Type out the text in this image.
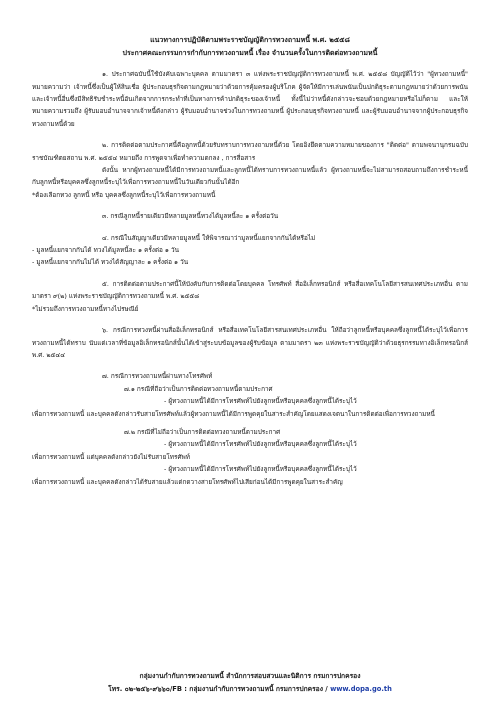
แนวทางการปฏิบัติตามพระราชบัญญัติการทวงถามหนี้ พ.ศ. ๒๕๕๘
ประกาศคณะกรรมการกำกับการทวงถามหนี้ เรื่อง จำนวนครั้งในการติดต่อทวงถามหนี้

๑. ประกาศฉบับนี้ใช้บังคับเฉพาะบุคคล ตามมาตรา ๓ แห่งพระราชบัญญัติการทวงถามหนี้ พ.ศ. ๒๕๕๘ บัญญัติไว้ว่า "ผู้ทวงถามหนี้" หมายความว่า เจ้าหนี้ซึ่งเป็นผู้ให้สินเชื่อ ผู้ประกอบธุรกิจตามกฎหมายว่าด้วยการคุ้มครองผู้บริโภค ผู้จัดให้มีการเล่นพนันเป็นปกติธุระตามกฎหมายว่าด้วยการพนัน และเจ้าหนี้อื่นซึ่งมีสิทธิรับชำระหนี้อันเกิดจากการกระทำที่เป็นทางการค้าปกติธุระของเจ้าหนี้ ทั้งนี้ไม่ว่าหนี้ดังกล่าวจะชอบด้วยกฎหมายหรือไม่ก็ตาม และให้หมายความรวมถึง ผู้รับมอบอำนาจจากเจ้าหนี้ดังกล่าว ผู้รับมอบอำนาจช่วงในการทวงถามหนี้ ผู้ประกอบธุรกิจทวงถามหนี้ และผู้รับมอบอำนาจจากผู้ประกอบธุรกิจทวงถามหนี้ด้วย

๒. การติดต่อตามประกาศนี้คือลูกหนี้ด้วยรับทราบการทวงถามหนี้ด้วย โดยอิงยึดตามความหมายของการ "ติดต่อ" ตามพจนานุกรมฉบับราชบัณฑิตยสถาน พ.ศ. ๒๕๕๔ หมายถึง การพูดจาเพื่อทำความตกลง , การสื่อสาร

ดังนั้น หากผู้ทวงถามหนี้ได้มีการทวงถามหนี้และลูกหนี้ได้ทราบการทวงถามหนี้แล้ว ผู้ทวงถามหนี้จะไม่สามารถสอบถามถึงการชำระหนี้กับลูกหนี้หรือบุคคลซึ่งลูกหนี้ระบุไว้เพื่อการทวงถามหนี้ในวันเดียวกันนั้นได้อีก

*ต้องเลือกทวง ลูกหนี้ หรือ บุคคลซึ่งลูกหนี้ระบุไว้เพื่อการทวงถามหนี้

๓. กรณีลูกหนี้รายเดียวมีหลายมูลหนี้ทวงได้มูลหนี้ละ ๑ ครั้งต่อวัน

๔. กรณีในสัญญาเดียวมีหลายมูลหนี้ ให้พิจารณาว่ามูลหนี้แยกจากกันได้หรือไม่

- มูลหนี้แยกจากกันได้ ทวงได้มูลหนี้ละ ๑ ครั้งต่อ ๑ วัน

- มูลหนี้แยกจากกันไม่ได้ ทวงได้สัญญาละ ๑ ครั้งต่อ ๑ วัน

๕. การติดต่อตามประกาศนี้ให้บังคับกับการติดต่อโดยบุคคล โทรศัพท์ สื่ออิเล็กทรอนิกส์ หรือสื่อเทคโนโลยีสารสนเทศประเภทอื่น ตามมาตรา ๙(๒) แห่งพระราชบัญญัติการทวงถามหนี้ พ.ศ. ๒๕๕๘

*ไม่รวมถึงการทวงถามหนี้ทางไปรษณีย์

๖. กรณีการทวงหนี้ผ่านสื่ออิเล็กทรอนิกส์ หรือสื่อเทคโนโลยีสารสนเทศประเภทอื่น ให้ถือว่าลูกหนี้หรือบุคคลซึ่งลูกหนี้ได้ระบุไว้เพื่อการทวงถามหนี้ได้ทราบ นับแต่เวลาที่ข้อมูลอิเล็กทรอนิกส์นั้นได้เข้าสู่ระบบข้อมูลของผู้รับข้อมูล ตามมาตรา ๒๓ แห่งพระราชบัญญัติว่าด้วยธุรกรรมทางอิเล็กทรอนิกส์ พ.ศ. ๒๕๔๔

๗. กรณีการทวงถามหนี้ผ่านทางโทรศัพท์

๗.๑ กรณีที่ถือว่าเป็นการติดต่อทวงถามหนี้ตามประกาศ

- ผู้ทวงถามหนี้ได้มีการโทรศัพท์ไปยังลูกหนี้หรือบุคคลซึ่งลูกหนี้ได้ระบุไว้

เพื่อการทวงถามหนี้ และบุคคลดังกล่าวรับสายโทรศัพท์แล้วผู้ทวงถามหนี้ได้มีการพูดคุยในสาระสำคัญโดยแสดงเจตนาในการติดต่อเพื่อการทวงถามหนี้

๗.๒ กรณีที่ไม่ถือว่าเป็นการติดต่อทวงถามหนี้ตามประกาศ

- ผู้ทวงถามหนี้ได้มีการโทรศัพท์ไปยังลูกหนี้หรือบุคคลซึ่งลูกหนี้ได้ระบุไว้

เพื่อการทวงถามหนี้ แต่บุคคลดังกล่าวยังไม่รับสายโทรศัพท์

- ผู้ทวงถามหนี้ได้มีการโทรศัพท์ไปยังลูกหนี้หรือบุคคลซึ่งลูกหนี้ได้ระบุไว้

เพื่อการทวงถามหนี้ และบุคคลดังกล่าวได้รับสายแล้วแต่กดวางสายโทรศัพท์ไปเสียก่อนได้มีการพูดคุยในสาระสำคัญ

กลุ่มงานกำกับการทวงถามหนี้ สำนักการสอบสวนและนิติการ กรมการปกครอง
โทร. ๐๒-๒๕๖-๙๖๖๐/FB : กลุ่มงานกำกับการทวงถามหนี้ กรมการปกครอง / www.dopa.go.th
